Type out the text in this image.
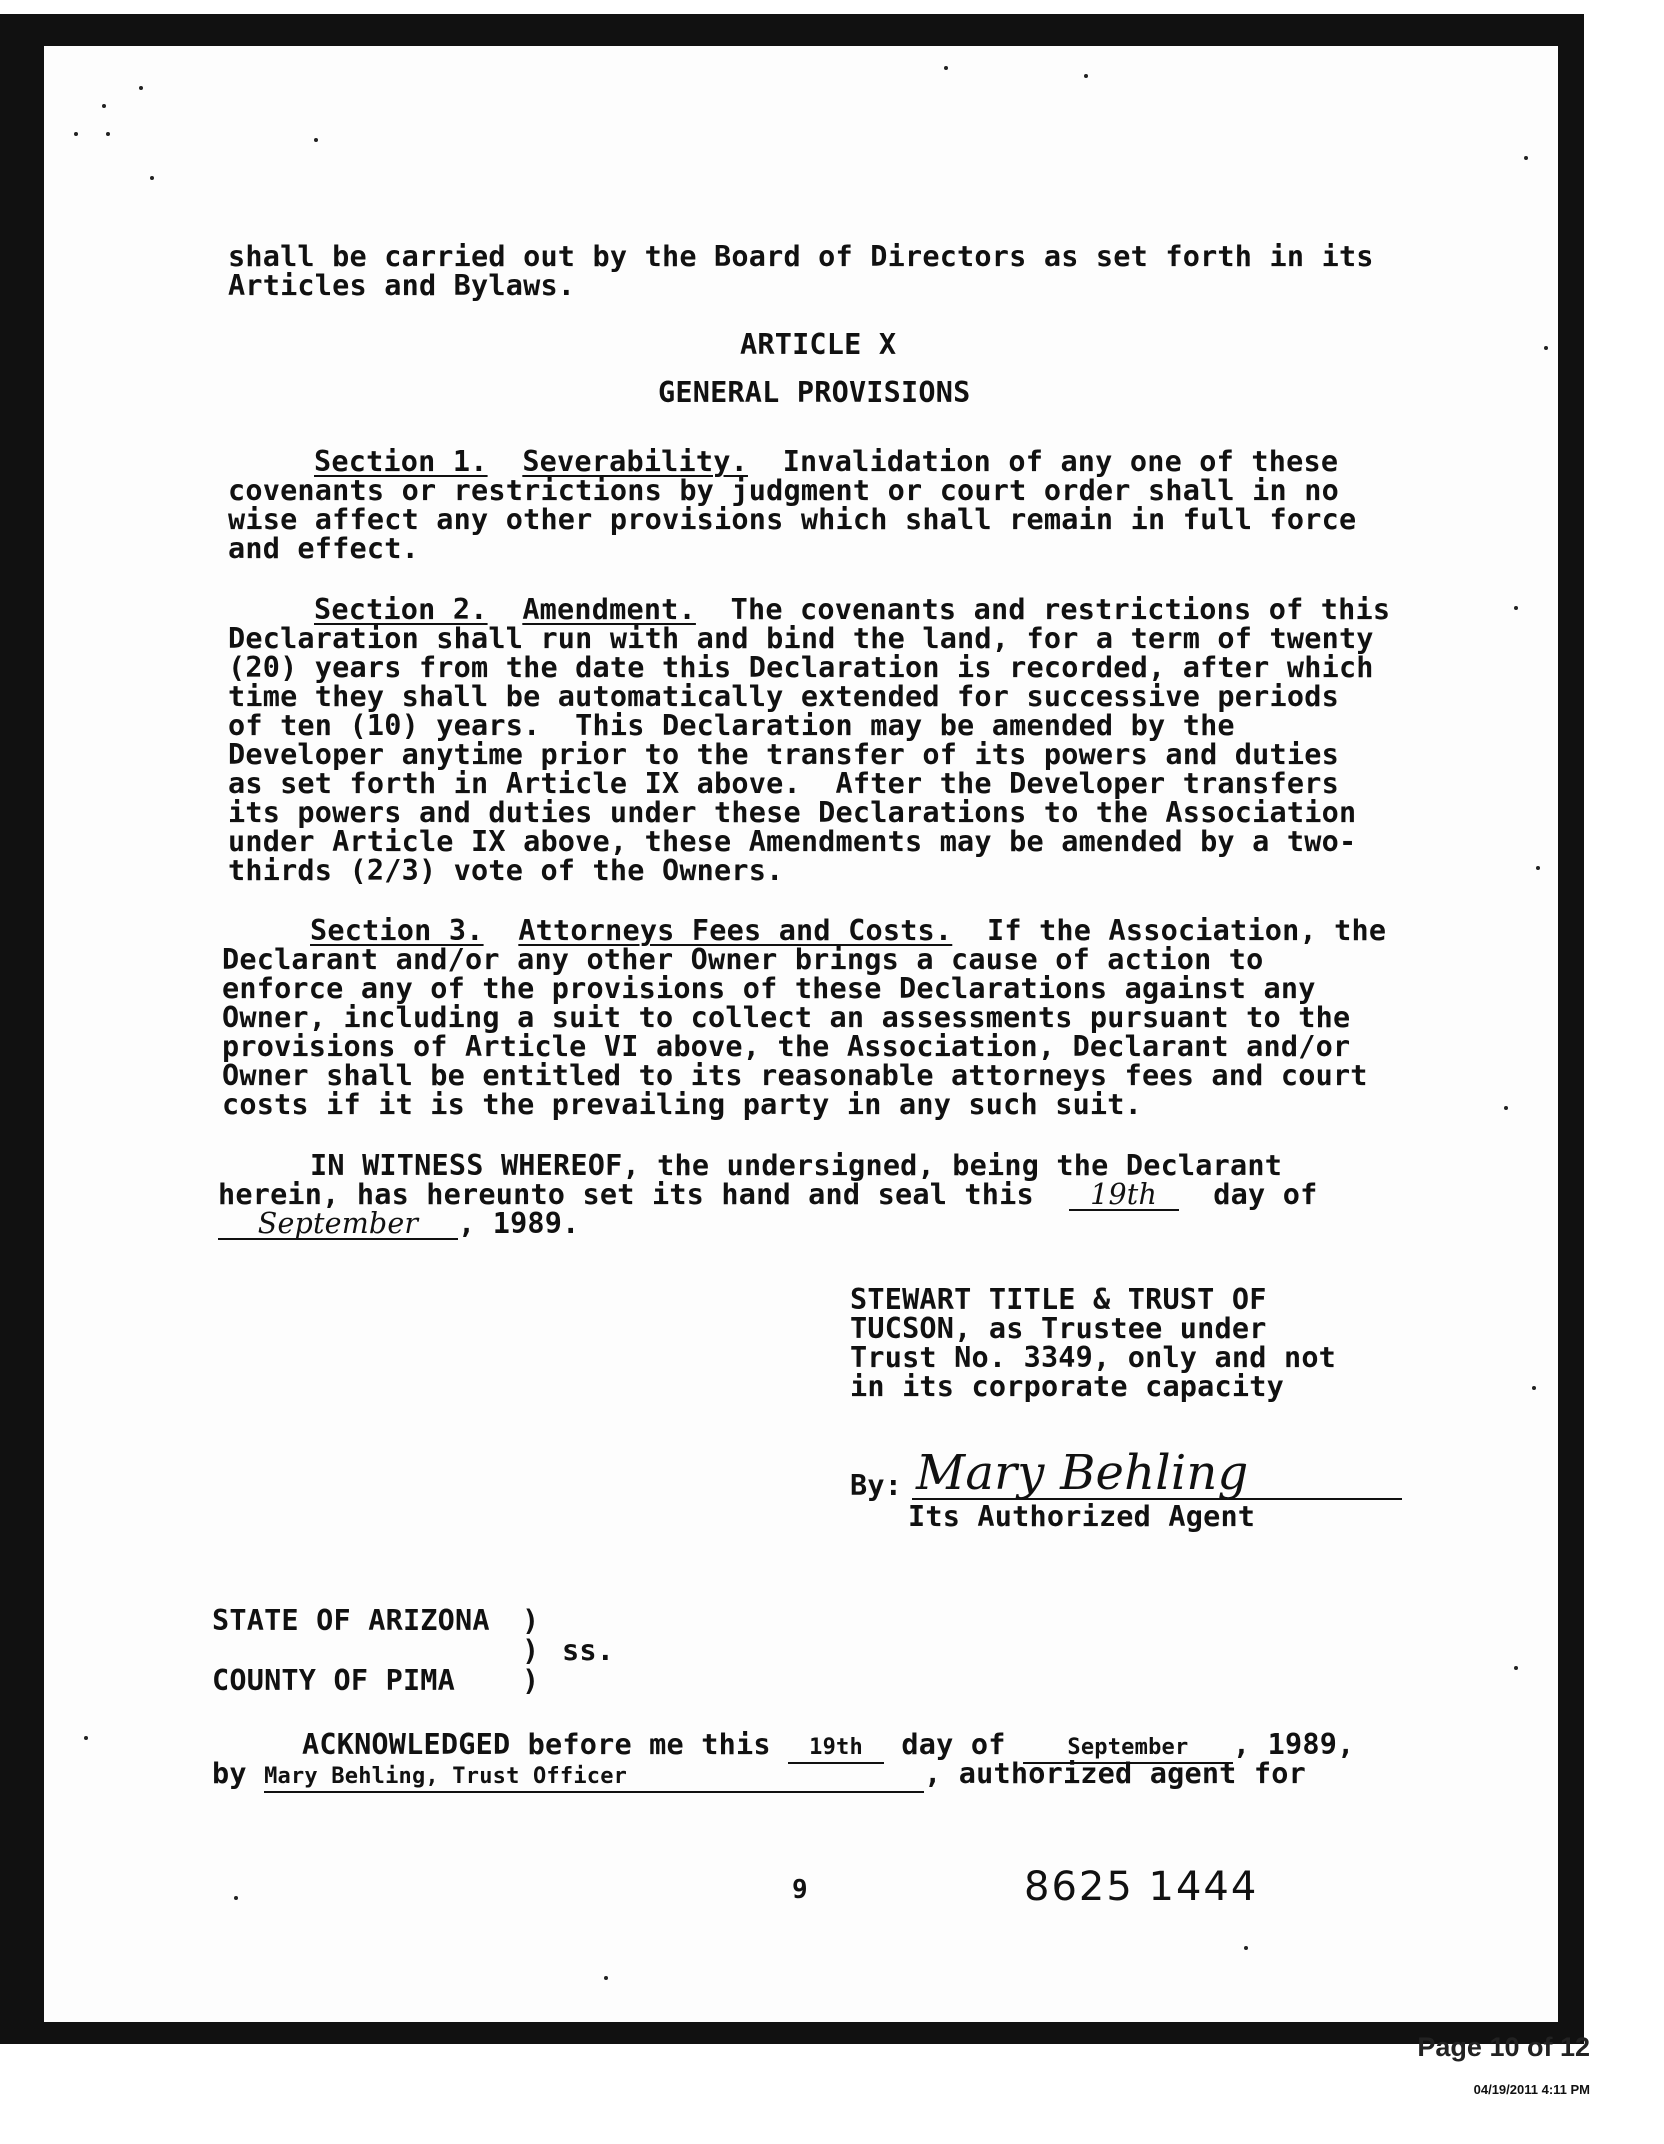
shall be carried out by the Board of Directors as set forth in its
Articles and Bylaws.
ARTICLE X
GENERAL PROVISIONS
Section 1. Severability. Invalidation of any one of these
covenants or restrictions by judgment or court order shall in no
wise affect any other provisions which shall remain in full force
and effect.
Section 2. Amendment. The covenants and restrictions of this
Declaration shall run with and bind the land, for a term of twenty
(20) years from the date this Declaration is recorded, after which
time they shall be automatically extended for successive periods
of ten (10) years.  This Declaration may be amended by the
Developer anytime prior to the transfer of its powers and duties
as set forth in Article IX above.  After the Developer transfers
its powers and duties under these Declarations to the Association
under Article IX above, these Amendments may be amended by a two-
thirds (2/3) vote of the Owners.
Section 3. Attorneys Fees and Costs. If the Association, the
Declarant and/or any other Owner brings a cause of action to
enforce any of the provisions of these Declarations against any
Owner, including a suit to collect an assessments pursuant to the
provisions of Article VI above, the Association, Declarant and/or
Owner shall be entitled to its reasonable attorneys fees and court
costs if it is the prevailing party in any such suit.
IN WITNESS WHEREOF, the undersigned, being the Declarant
herein, has hereunto set its hand and seal this 19th day of
September , 1989.
STEWART TITLE & TRUST OF
TUCSON, as Trustee under
Trust No. 3349, only and not
in its corporate capacity
By: Mary Behling
Its Authorized Agent
STATE OF ARIZONA )
) ss.
COUNTY OF PIMA )
ACKNOWLEDGED before me this 19th day of	September , 1989,
by Mary Behling, Trust Officer	, authorized agent for
9	8625 1444
Page 10 of 12
04/19/2011 4:11 PM
